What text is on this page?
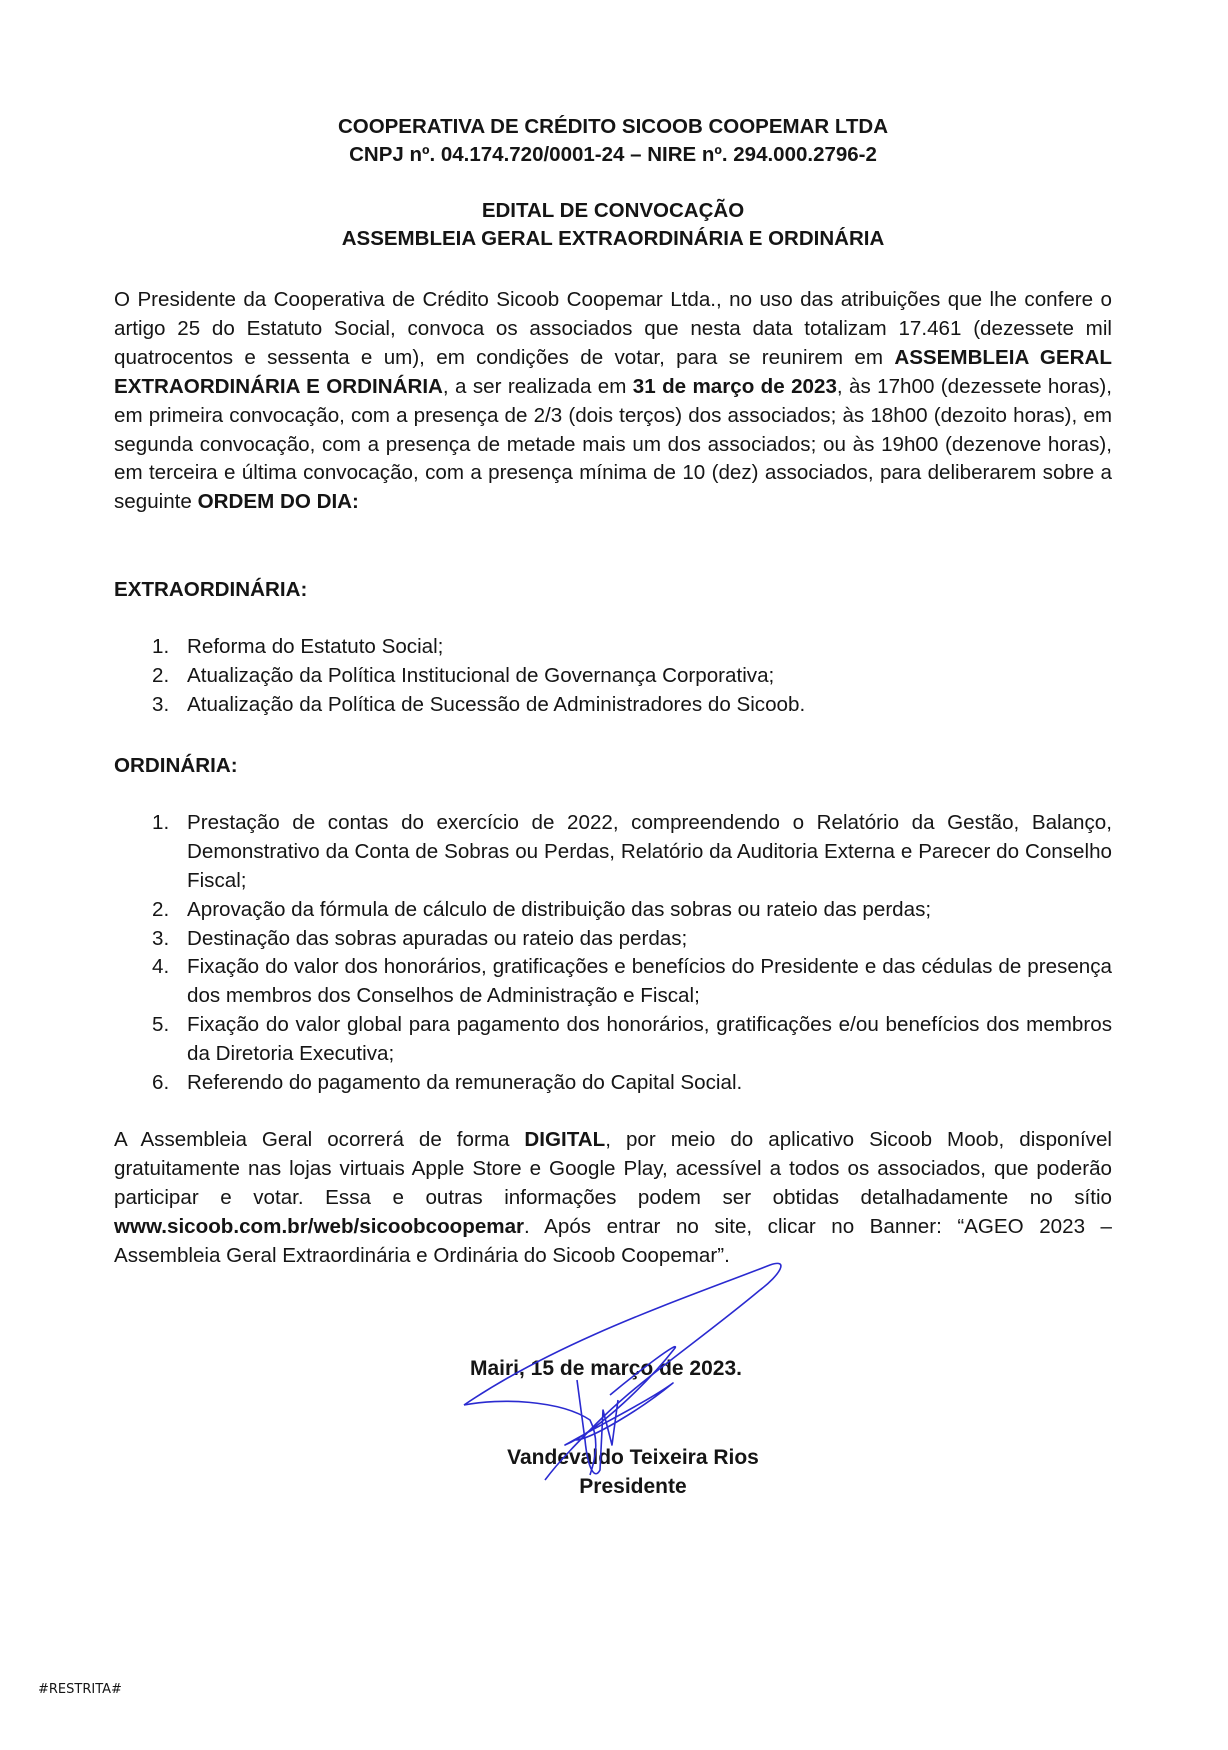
COOPERATIVA DE CRÉDITO SICOOB COOPEMAR LTDA
CNPJ nº. 04.174.720/0001-24 – NIRE nº. 294.000.2796-2
EDITAL DE CONVOCAÇÃO
ASSEMBLEIA GERAL EXTRAORDINÁRIA E ORDINÁRIA
O Presidente da Cooperativa de Crédito Sicoob Coopemar Ltda., no uso das atribuições que lhe confere o artigo 25 do Estatuto Social, convoca os associados que nesta data totalizam 17.461 (dezessete mil quatrocentos e sessenta e um), em condições de votar, para se reunirem em ASSEMBLEIA GERAL EXTRAORDINÁRIA E ORDINÁRIA, a ser realizada em 31 de março de 2023, às 17h00 (dezessete horas), em primeira convocação, com a presença de 2/3 (dois terços) dos associados; às 18h00 (dezoito horas), em segunda convocação, com a presença de metade mais um dos associados; ou às 19h00 (dezenove horas), em terceira e última convocação, com a presença mínima de 10 (dez) associados, para deliberarem sobre a seguinte ORDEM DO DIA:
EXTRAORDINÁRIA:
1. Reforma do Estatuto Social;
2. Atualização da Política Institucional de Governança Corporativa;
3. Atualização da Política de Sucessão de Administradores do Sicoob.
ORDINÁRIA:
1. Prestação de contas do exercício de 2022, compreendendo o Relatório da Gestão, Balanço, Demonstrativo da Conta de Sobras ou Perdas, Relatório da Auditoria Externa e Parecer do Conselho Fiscal;
2. Aprovação da fórmula de cálculo de distribuição das sobras ou rateio das perdas;
3. Destinação das sobras apuradas ou rateio das perdas;
4. Fixação do valor dos honorários, gratificações e benefícios do Presidente e das cédulas de presença dos membros dos Conselhos de Administração e Fiscal;
5. Fixação do valor global para pagamento dos honorários, gratificações e/ou benefícios dos membros da Diretoria Executiva;
6. Referendo do pagamento da remuneração do Capital Social.
A Assembleia Geral ocorrerá de forma DIGITAL, por meio do aplicativo Sicoob Moob, disponível gratuitamente nas lojas virtuais Apple Store e Google Play, acessível a todos os associados, que poderão participar e votar. Essa e outras informações podem ser obtidas detalhadamente no sítio www.sicoob.com.br/web/sicoobcoopemar. Após entrar no site, clicar no Banner: “AGEO 2023 – Assembleia Geral Extraordinária e Ordinária do Sicoob Coopemar”.
Mairi, 15 de março de 2023.
Vandevaldo Teixeira Rios
Presidente
#RESTRITA#
